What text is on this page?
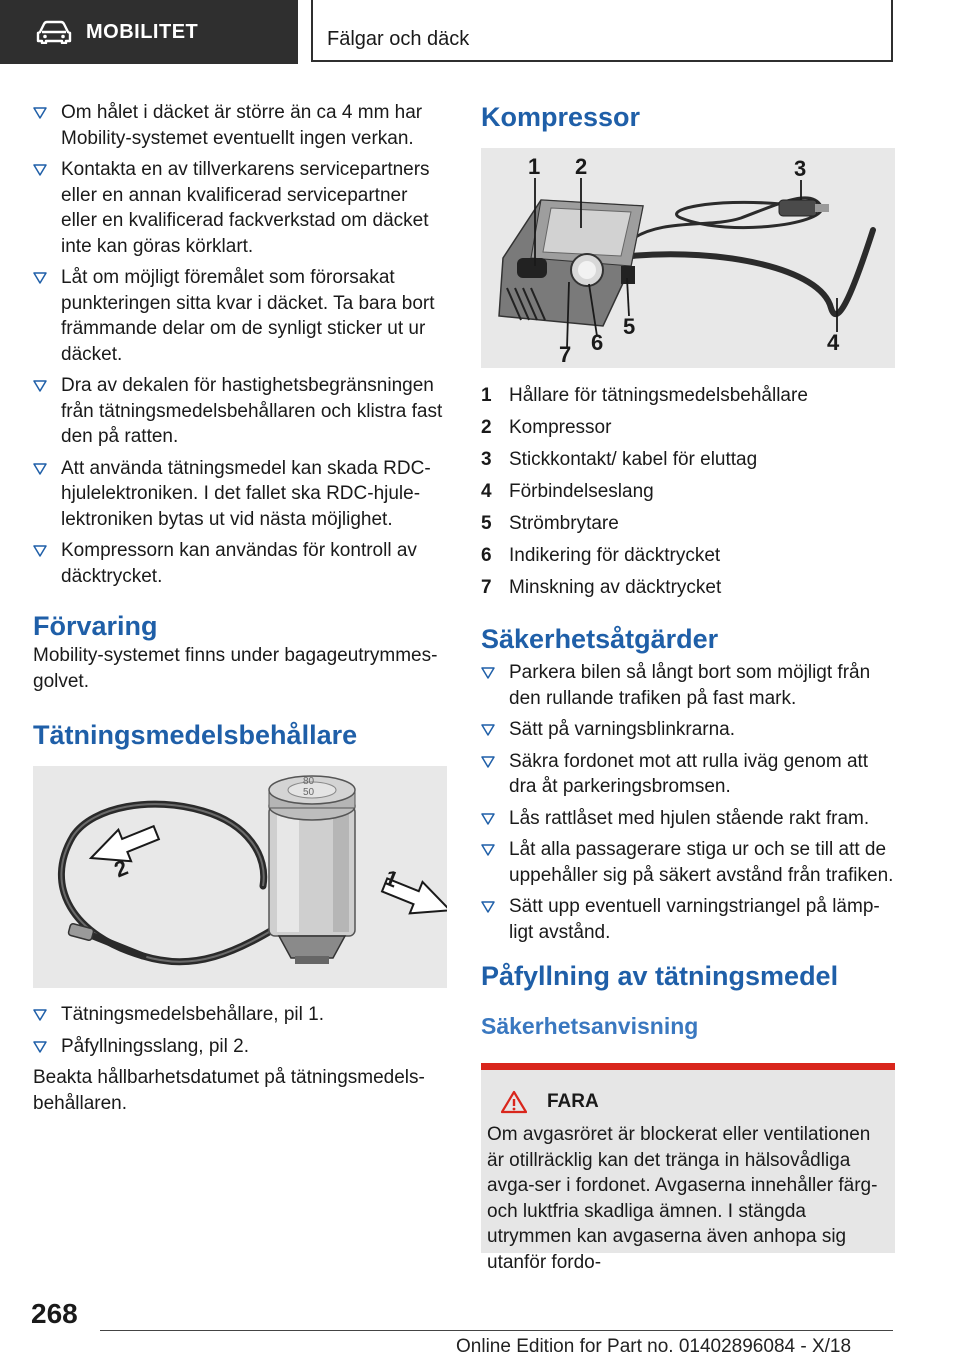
MOBILITET	Fälgar och däck
Om hålet i däcket är större än ca 4 mm har Mobility-systemet eventuellt ingen verkan.
Kontakta en av tillverkarens servicepartners eller en annan kvalificerad servicepartner eller en kvalificerad fackverkstad om däcket inte kan göras körklart.
Låt om möjligt föremålet som förorsakat punkteringen sitta kvar i däcket. Ta bara bort främmande delar om de synligt sticker ut ur däcket.
Dra av dekalen för hastighetsbegränsningen från tätningsmedelsbehållaren och klistra fast den på ratten.
Att använda tätningsmedel kan skada RDC-hjulelektroniken. I det fallet ska RDC-hjule-lektroniken bytas ut vid nästa möjlighet.
Kompressorn kan användas för kontroll av däcktrycket.
Förvaring

Mobility-systemet finns under bagageutrymmes-golvet.

Tätningsmedelsbehållare
2	1
80
50
Tätningsmedelsbehållare, pil 1.
Påfyllningsslang, pil 2.

Beakta hållbarhetsdatumet på tätningsmedels-behållaren.

Kompressor
1 2	3
4
5
6
7
1 Hållare för tätningsmedelsbehållare
2 Kompressor
3 Stickkontakt/ kabel för eluttag
4 Förbindelseslang
5 Strömbrytare
6 Indikering för däcktrycket
7 Minskning av däcktrycket
Säkerhetsåtgärder
Parkera bilen så långt bort som möjligt från den rullande trafiken på fast mark.
Sätt på varningsblinkrarna.
Säkra fordonet mot att rulla iväg genom att dra åt parkeringsbromsen.
Lås rattlåset med hjulen stående rakt fram.
Låt alla passagerare stiga ur och se till att de uppehåller sig på säkert avstånd från trafiken.
Sätt upp eventuell varningstriangel på lämp-ligt avstånd.
Påfyllning av tätningsmedel
Säkerhetsanvisning
FARA
Om avgasröret är blockerat eller ventilationen är otillräcklig kan det tränga in hälsovådliga avga-ser i fordonet. Avgaserna innehåller färg- och luktfria skadliga ämnen. I stängda utrymmen kan avgaserna även anhopa sig utanför fordo-
268
Online Edition for Part no. 01402896084 - X/18
